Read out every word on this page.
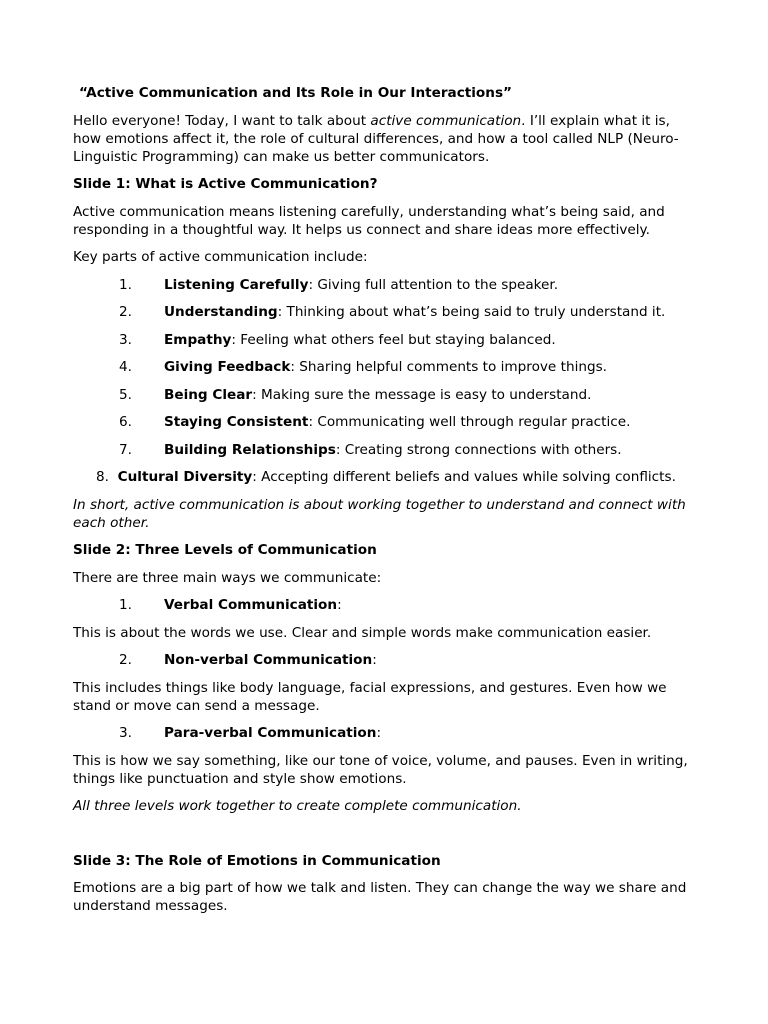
“Active Communication and Its Role in Our Interactions”

Hello everyone! Today, I want to talk about active communication. I’ll explain what it is, how emotions affect it, the role of cultural differences, and how a tool called NLP (Neuro-Linguistic Programming) can make us better communicators.

Slide 1: What is Active Communication?

Active communication means listening carefully, understanding what’s being said, and responding in a thoughtful way. It helps us connect and share ideas more effectively.

Key parts of active communication include:

1.	Listening Carefully: Giving full attention to the speaker.
2.	Understanding: Thinking about what’s being said to truly understand it.
3.	Empathy: Feeling what others feel but staying balanced.
4.	Giving Feedback: Sharing helpful comments to improve things.
5.	Being Clear: Making sure the message is easy to understand.
6.	Staying Consistent: Communicating well through regular practice.
7.	Building Relationships: Creating strong connections with others.
8. Cultural Diversity: Accepting different beliefs and values while solving conflicts.

In short, active communication is about working together to understand and connect with each other.

Slide 2: Three Levels of Communication

There are three main ways we communicate:

1.	Verbal Communication:

This is about the words we use. Clear and simple words make communication easier.

2.	Non-verbal Communication:

This includes things like body language, facial expressions, and gestures. Even how we stand or move can send a message.

3.	Para-verbal Communication:

This is how we say something, like our tone of voice, volume, and pauses. Even in writing, things like punctuation and style show emotions.

All three levels work together to create complete communication.

Slide 3: The Role of Emotions in Communication

Emotions are a big part of how we talk and listen. They can change the way we share and understand messages.
